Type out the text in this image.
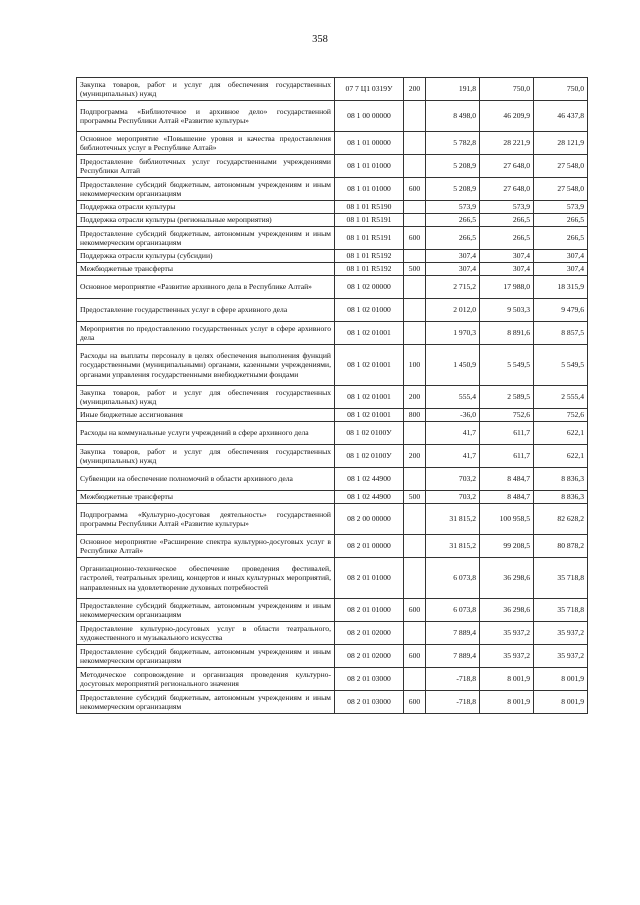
358
Закупка товаров, работ и услуг для обеспечения государственных (муниципальных) нужд	07 7 Ц1 0319У	200	191,8	750,0	750,0
Подпрограмма «Библиотечное и архивное дело» государственной программы Республики Алтай «Развитие культуры»	08 1 00 00000		8 498,0	46 209,9	46 437,8
Основное мероприятие «Повышение уровня и качества предоставления библиотечных услуг в Республике Алтай»	08 1 01 00000		5 782,8	28 221,9	28 121,9
Предоставление библиотечных услуг государственными учреждениями Республики Алтай	08 1 01 01000		5 208,9	27 648,0	27 548,0
Предоставление субсидий бюджетным, автономным учреждениям и иным некоммерческим организациям	08 1 01 01000	600	5 208,9	27 648,0	27 548,0
Поддержка отрасли культуры	08 1 01 R5190		573,9	573,9	573,9
Поддержка отрасли культуры (региональные мероприятия)	08 1 01 R5191		266,5	266,5	266,5
Предоставление субсидий бюджетным, автономным учреждениям и иным некоммерческим организациям	08 1 01 R5191	600	266,5	266,5	266,5
Поддержка отрасли культуры (субсидии)	08 1 01 R5192		307,4	307,4	307,4
Межбюджетные трансферты	08 1 01 R5192	500	307,4	307,4	307,4
Основное мероприятие «Развитие архивного дела в Республике Алтай»	08 1 02 00000		2 715,2	17 988,0	18 315,9
Предоставление государственных услуг в сфере архивного дела	08 1 02 01000		2 012,0	9 503,3	9 479,6
Мероприятия по предоставлению государственных услуг в сфере архивного дела	08 1 02 01001		1 970,3	8 891,6	8 857,5
Расходы на выплаты персоналу в целях обеспечения выполнения функций государственными (муниципальными) органами, казенными учреждениями, органами управления государственными внебюджетными фондами	08 1 02 01001	100	1 450,9	5 549,5	5 549,5
Закупка товаров, работ и услуг для обеспечения государственных (муниципальных) нужд	08 1 02 01001	200	555,4	2 589,5	2 555,4
Иные бюджетные ассигнования	08 1 02 01001	800	-36,0	752,6	752,6
Расходы на коммунальные услуги учреждений в сфере архивного дела	08 1 02 0100У		41,7	611,7	622,1
Закупка товаров, работ и услуг для обеспечения государственных (муниципальных) нужд	08 1 02 0100У	200	41,7	611,7	622,1
Субвенции на обеспечение полномочий в области архивного дела	08 1 02 44900		703,2	8 484,7	8 836,3
Межбюджетные трансферты	08 1 02 44900	500	703,2	8 484,7	8 836,3
Подпрограмма «Культурно-досуговая деятельность» государственной программы Республики Алтай «Развитие культуры»	08 2 00 00000		31 815,2	100 958,5	82 628,2
Основное мероприятие «Расширение спектра культурно-досуговых услуг в Республике Алтай»	08 2 01 00000		31 815,2	99 208,5	80 878,2
Организационно-техническое обеспечение проведения фестивалей, гастролей, театральных зрелищ, концертов и иных культурных мероприятий, направленных на удовлетворение духовных потребностей	08 2 01 01000		6 073,8	36 298,6	35 718,8
Предоставление субсидий бюджетным, автономным учреждениям и иным некоммерческим организациям	08 2 01 01000	600	6 073,8	36 298,6	35 718,8
Предоставление культурно-досуговых услуг в области театрального, художественного и музыкального искусства	08 2 01 02000		7 889,4	35 937,2	35 937,2
Предоставление субсидий бюджетным, автономным учреждениям и иным некоммерческим организациям	08 2 01 02000	600	7 889,4	35 937,2	35 937,2
Методическое сопровождение и организация проведения культурно-досуговых мероприятий регионального значения	08 2 01 03000		-718,8	8 001,9	8 001,9
Предоставление субсидий бюджетным, автономным учреждениям и иным некоммерческим организациям	08 2 01 03000	600	-718,8	8 001,9	8 001,9
